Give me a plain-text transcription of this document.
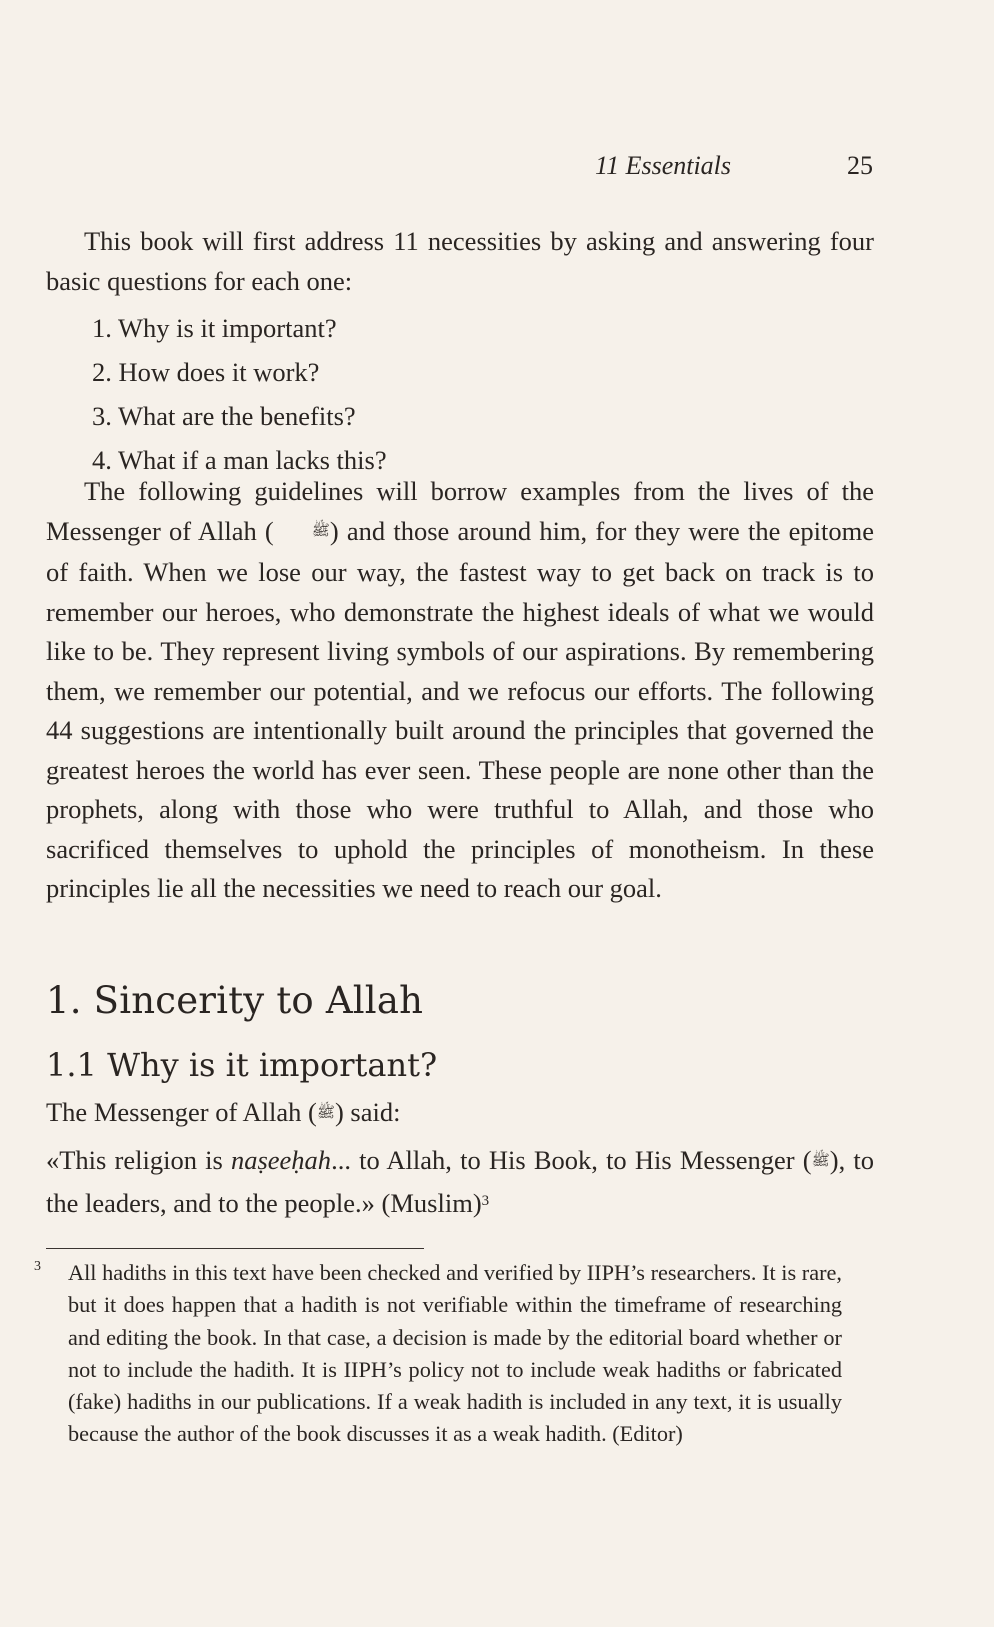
11 Essentials	25

This book will first address 11 necessities by asking and answering four basic questions for each one:

1. Why is it important?
2. How does it work?
3. What are the benefits?
4. What if a man lacks this?

The following guidelines will borrow examples from the lives of the Messenger of Allah (	ﷺ) and those around him, for they were the epitome of faith. When we lose our way, the fastest way to get back on track is to remember our heroes, who demonstrate the highest ideals of what we would like to be. They represent living symbols of our aspirations. By remembering them, we remember our potential, and we refocus our efforts. The following 44 suggestions are intentionally built around the principles that governed the greatest heroes the world has ever seen. These people are none other than the prophets, along with those who were truthful to Allah, and those who sacrificed themselves to uphold the principles of monotheism. In these principles lie all the necessities we need to reach our goal.

1. Sincerity to Allah
1.1 Why is it important?

The Messenger of Allah (ﷺ) said:

«This religion is naṣeeḥah... to Allah, to His Book, to His Messenger (ﷺ), to the leaders, and to the people.» (Muslim)$^3$

3 All hadiths in this text have been checked and verified by IIPH’s researchers. It is rare, but it does happen that a hadith is not verifiable within the timeframe of researching and editing the book. In that case, a decision is made by the editorial board whether or not to include the hadith. It is IIPH’s policy not to include weak hadiths or fabricated (fake) hadiths in our publications. If a weak hadith is included in any text, it is usually because the author of the book discusses it as a weak hadith. (Editor)
